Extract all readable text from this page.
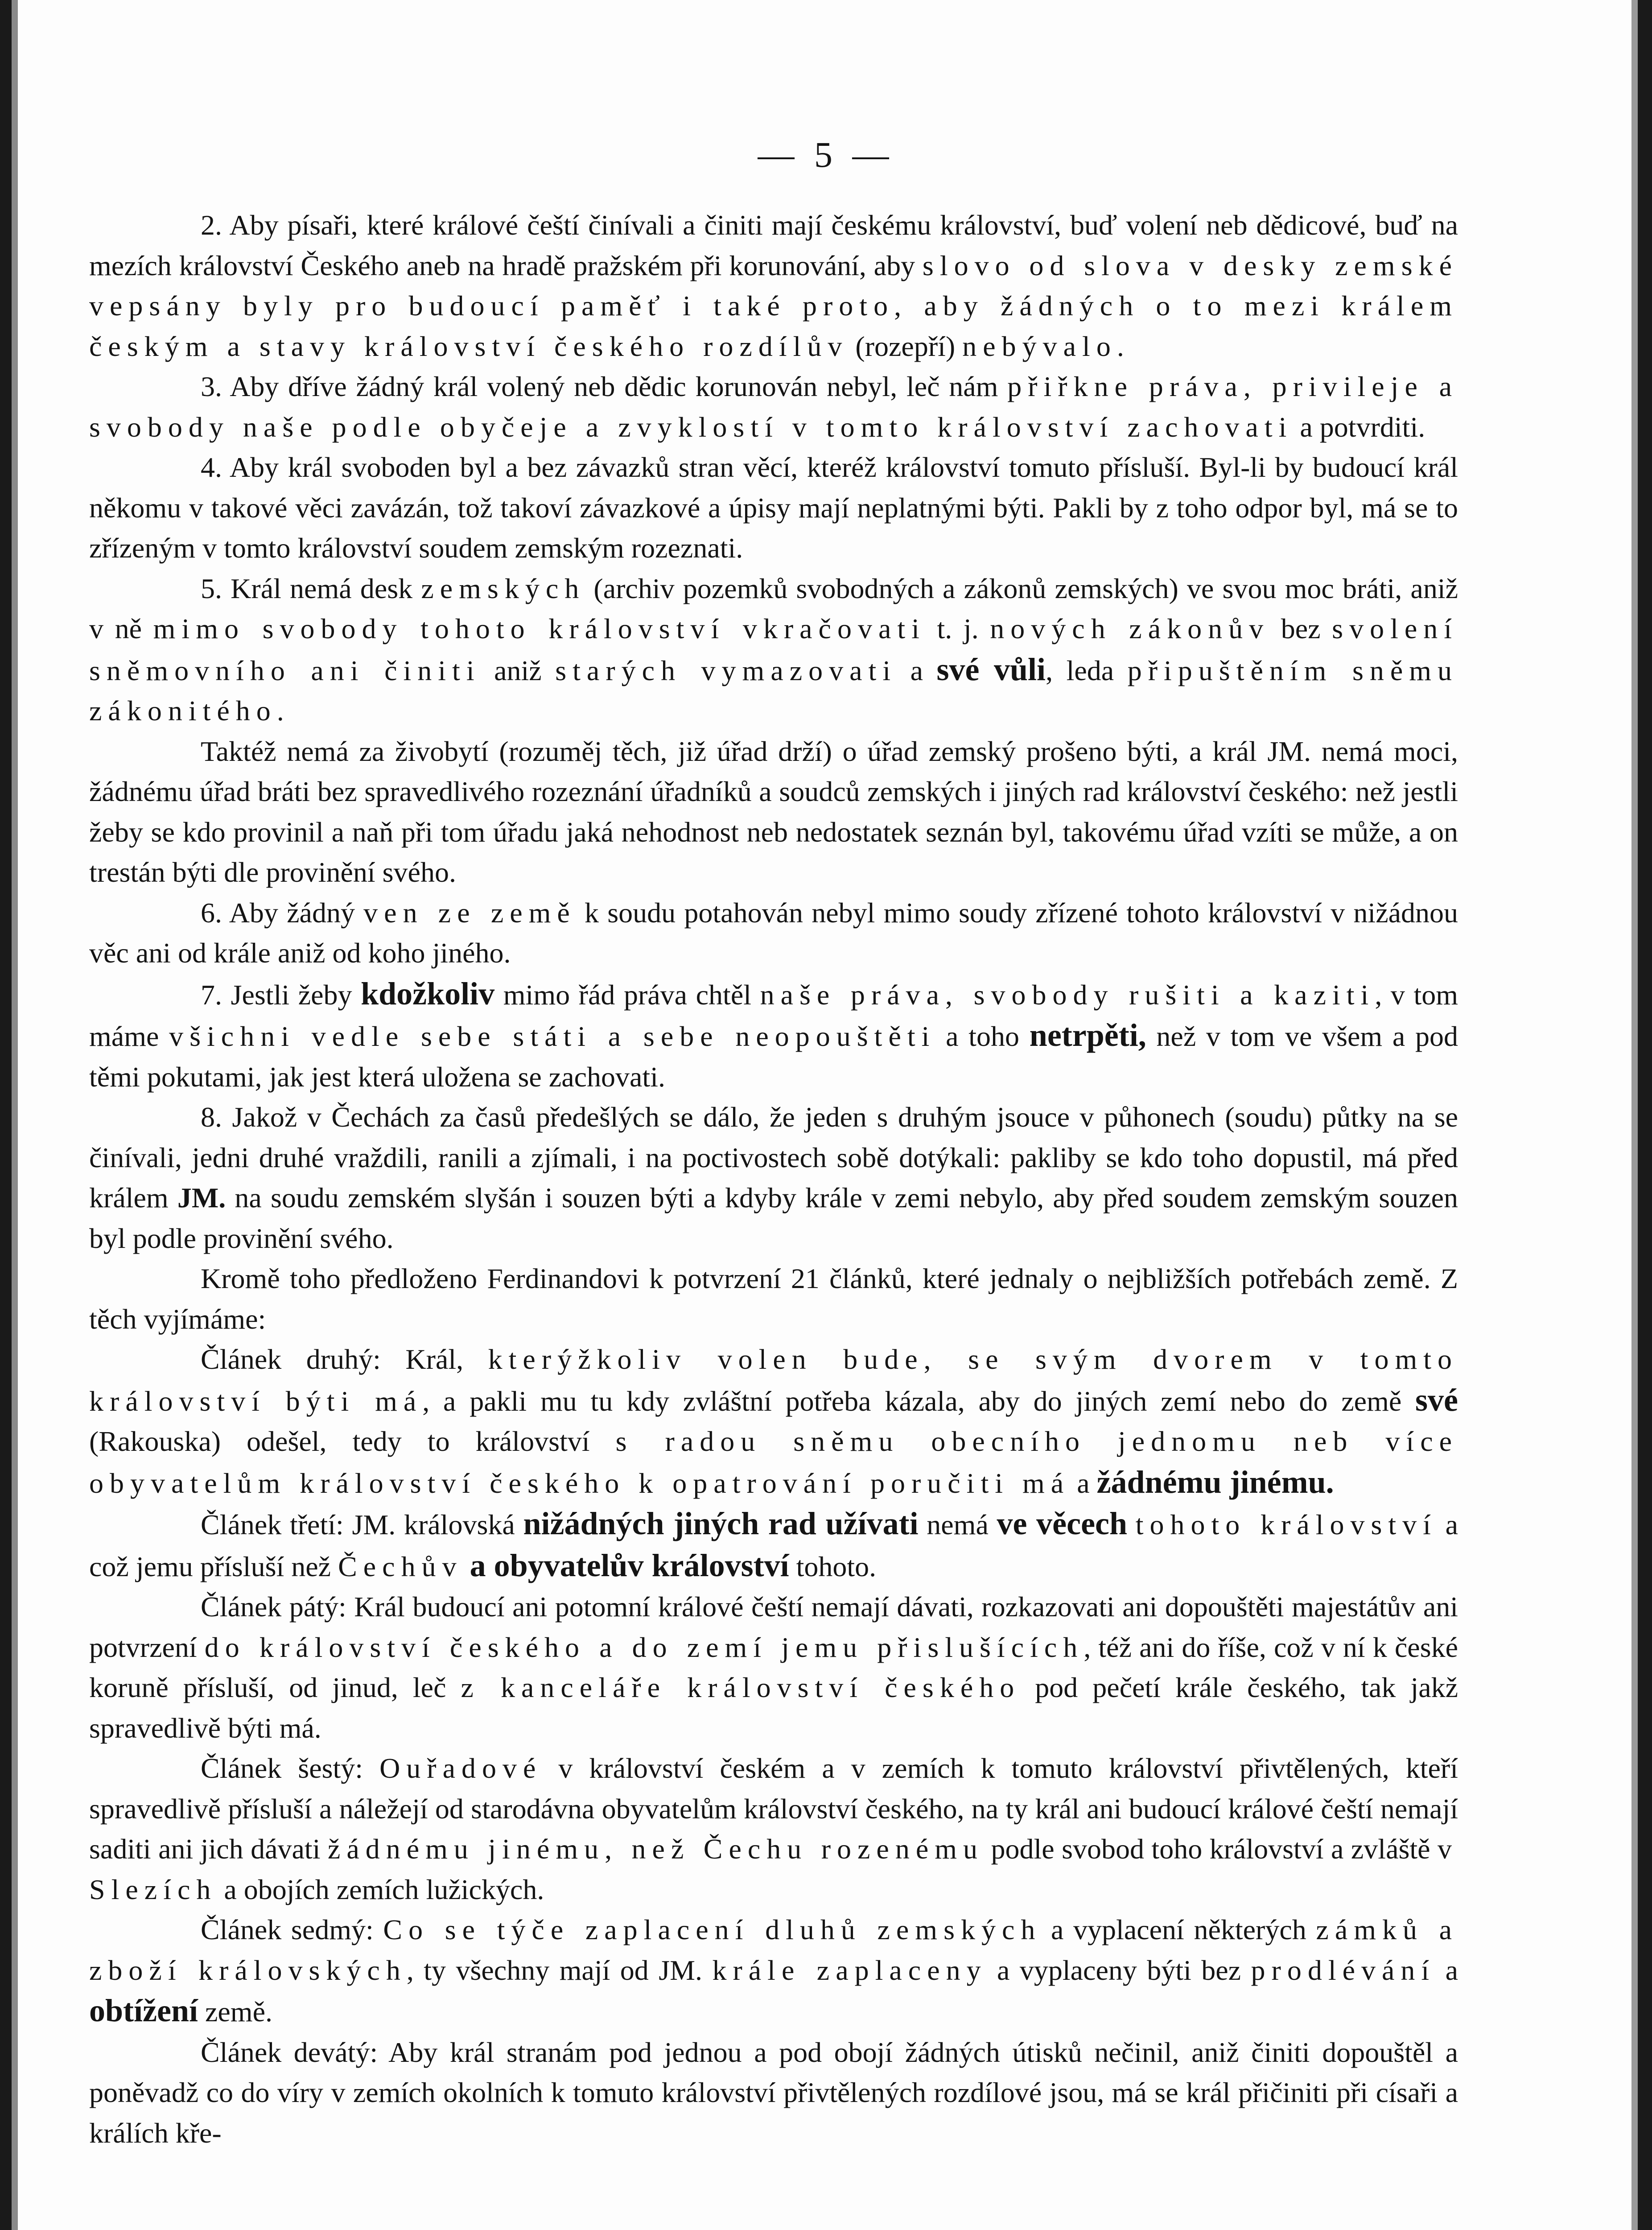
— 5 —

2. Aby písaři, které králové čeští činívali a činiti mají českému království, buď volení neb dědicové, buď na mezích království Českého aneb na hradě pražském při korunování, aby slovo od slova v desky zemské vepsány byly pro budoucí paměť i také proto, aby žádných o to mezi králem českým a stavy království českého rozdílův (rozepří) nebývalo.

3. Aby dříve žádný král volený neb dědic korunován nebyl, leč nám přiřkne práva, privileje a svobody naše podle obyčeje a zvyklostí v tomto království zachovati a potvrditi.

4. Aby král svoboden byl a bez závazků stran věcí, kteréž království tomuto přísluší. Byl-li by budoucí král někomu v takové věci zavázán, tož takoví závazkové a úpisy mají neplatnými býti. Pakli by z toho odpor byl, má se to zřízeným v tomto království soudem zemským rozeznati.

5. Král nemá desk zemských (archiv pozemků svobodných a zákonů zemských) ve svou moc bráti, aniž v ně mimo svobody tohoto království vkračovati t. j. nových zákonův bez svolení sněmovního ani činiti aniž starých vymazovati a své vůli, leda připuštěním sněmu zákonitého.

Taktéž nemá za živobytí (rozuměj těch, již úřad drží) o úřad zemský prošeno býti, a král JM. nemá moci, žádnému úřad bráti bez spravedlivého rozeznání úřadníků a soudců zemských i jiných rad království českého: než jestli žeby se kdo provinil a naň při tom úřadu jaká nehodnost neb nedostatek seznán byl, takovému úřad vzíti se může, a on trestán býti dle provinění svého.

6. Aby žádný ven ze země k soudu potahován nebyl mimo soudy zřízené tohoto království v nižádnou věc ani od krále aniž od koho jiného.

7. Jestli žeby kdožkoliv mimo řád práva chtěl naše práva, svobody rušiti a kaziti, v tom máme všichni vedle sebe státi a sebe neopouštěti a toho netrpěti, než v tom ve všem a pod těmi pokutami, jak jest která uložena se zachovati.

8. Jakož v Čechách za časů předešlých se dálo, že jeden s druhým jsouce v půhonech (soudu) půtky na se činívali, jedni druhé vraždili, ranili a zjímali, i na poctivostech sobě dotýkali: pakliby se kdo toho dopustil, má před králem JM. na soudu zemském slyšán i souzen býti a kdyby krále v zemi nebylo, aby před soudem zemským souzen byl podle provinění svého.

Kromě toho předloženo Ferdinandovi k potvrzení 21 článků, které jednaly o nejbližších potřebách země. Z těch vyjímáme:

Článek druhý: Král, kterýžkoliv volen bude, se svým dvorem v tomto království býti má, a pakli mu tu kdy zvláštní potřeba kázala, aby do jiných zemí nebo do země své (Rakouska) odešel, tedy to království s radou sněmu obecního jednomu neb více obyvatelům království českého k opatrování poručiti má a žádnému jinému.

Článek třetí: JM. královská nižádných jiných rad užívati nemá ve věcech tohoto království a což jemu přísluší než Čechův a obyvatelův království tohoto.

Článek pátý: Král budoucí ani potomní králové čeští nemají dávati, rozkazovati ani dopouštěti majestátův ani potvrzení do království českého a do zemí jemu přislušících, též ani do říše, což v ní k české koruně přísluší, od jinud, leč z kanceláře království českého pod pečetí krále českého, tak jakž spravedlivě býti má.

Článek šestý: Ouřadové v království českém a v zemích k tomuto království přivtělených, kteří spravedlivě přísluší a náležejí od starodávna obyvatelům království českého, na ty král ani budoucí králové čeští nemají saditi ani jich dávati žádnému jinému, než Čechu rozenému podle svobod toho království a zvláště v Slezích a obojích zemích lužických.

Článek sedmý: Co se týče zaplacení dluhů zemských a vyplacení některých zámků a zboží královských, ty všechny mají od JM. krále zaplaceny a vyplaceny býti bez prodlévání a obtížení země.

Článek devátý: Aby král stranám pod jednou a pod obojí žádných útisků nečinil, aniž činiti dopouštěl a poněvadž co do víry v zemích okolních k tomuto království přivtělených rozdílové jsou, má se král přičiniti při císaři a králích kře-
